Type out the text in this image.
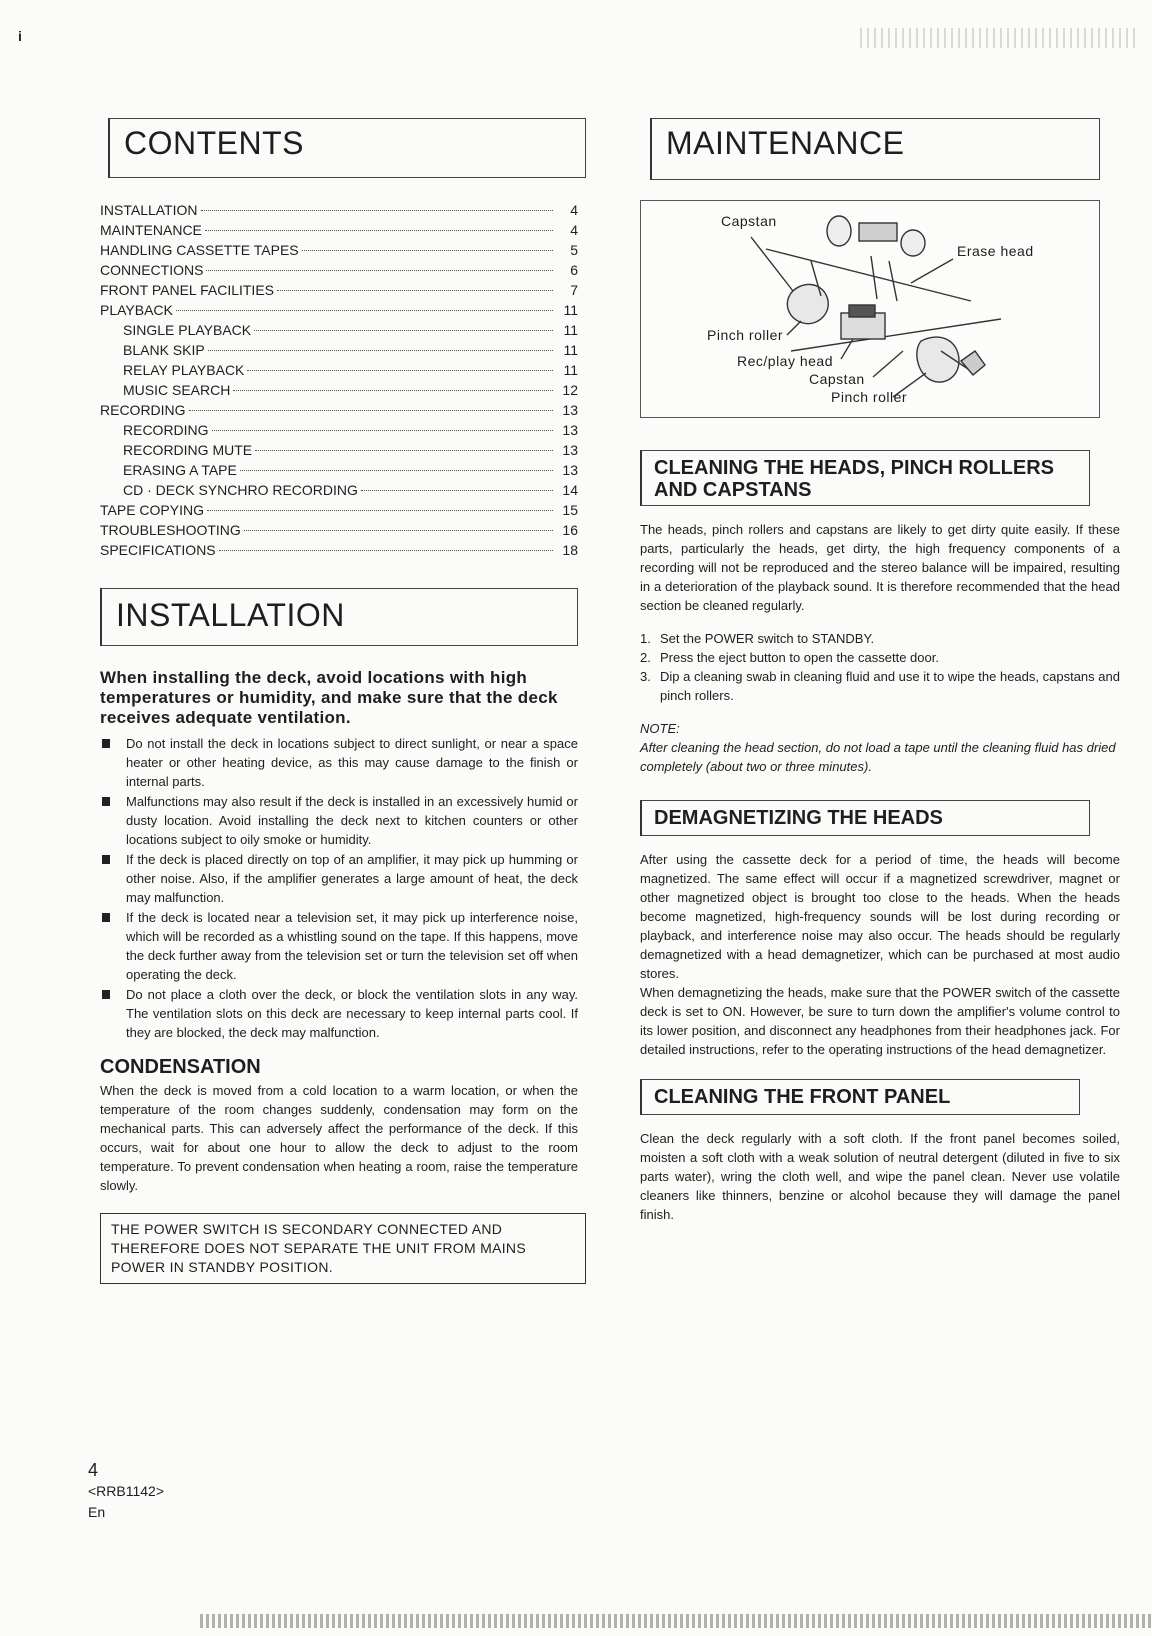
i
CONTENTS
INSTALLATION	4
MAINTENANCE	4
HANDLING CASSETTE TAPES	5
CONNECTIONS	6
FRONT PANEL FACILITIES	7
PLAYBACK	11
SINGLE PLAYBACK	11
BLANK SKIP	11
RELAY PLAYBACK	11
MUSIC SEARCH	12
RECORDING	13
RECORDING	13
RECORDING MUTE	13
ERASING A TAPE	13
CD · DECK SYNCHRO RECORDING	14
TAPE COPYING	15
TROUBLESHOOTING	16
SPECIFICATIONS	18
INSTALLATION
When installing the deck, avoid locations with high temperatures or humidity, and make sure that the deck receives adequate ventilation.
Do not install the deck in locations subject to direct sunlight, or near a space heater or other heating device, as this may cause damage to the finish or internal parts.
Malfunctions may also result if the deck is installed in an excessively humid or dusty location. Avoid installing the deck next to kitchen counters or other locations subject to oily smoke or humidity.
If the deck is placed directly on top of an amplifier, it may pick up humming or other noise. Also, if the amplifier generates a large amount of heat, the deck may malfunction.
If the deck is located near a television set, it may pick up interference noise, which will be recorded as a whistling sound on the tape. If this happens, move the deck further away from the television set or turn the television set off when operating the deck.
Do not place a cloth over the deck, or block the ventilation slots in any way. The ventilation slots on this deck are necessary to keep internal parts cool. If they are blocked, the deck may malfunction.
CONDENSATION

When the deck is moved from a cold location to a warm location, or when the temperature of the room changes suddenly, condensation may form on the mechanical parts. This can adversely affect the performance of the deck. If this occurs, wait for about one hour to allow the deck to adjust to the room temperature. To prevent condensation when heating a room, raise the temperature slowly.

THE POWER SWITCH IS SECONDARY CONNECTED AND THEREFORE DOES NOT SEPARATE THE UNIT FROM MAINS POWER IN STANDBY POSITION.
MAINTENANCE
Capstan
Erase head
Pinch roller
Rec/play head
Capstan
Pinch roller
CLEANING THE HEADS, PINCH ROLLERS AND CAPSTANS

The heads, pinch rollers and capstans are likely to get dirty quite easily. If these parts, particularly the heads, get dirty, the high frequency components of a recording will not be reproduced and the stereo balance will be impaired, resulting in a deterioration of the playback sound. It is therefore recommended that the head section be cleaned regularly.

1. Set the POWER switch to STANDBY.
2. Press the eject button to open the cassette door.
3. Dip a cleaning swab in cleaning fluid and use it to wipe the heads, capstans and pinch rollers.
NOTE:

After cleaning the head section, do not load a tape until the cleaning fluid has dried completely (about two or three minutes).

DEMAGNETIZING THE HEADS

After using the cassette deck for a period of time, the heads will become magnetized. The same effect will occur if a magnetized screwdriver, magnet or other magnetized object is brought too close to the heads. When the heads become magnetized, high-frequency sounds will be lost during recording or playback, and interference noise may also occur. The heads should be regularly demagnetized with a head demagnetizer, which can be purchased at most audio stores.

When demagnetizing the heads, make sure that the POWER switch of the cassette deck is set to ON. However, be sure to turn down the amplifier's volume control to its lower position, and disconnect any headphones from their headphones jack. For detailed instructions, refer to the operating instructions of the head demagnetizer.

CLEANING THE FRONT PANEL

Clean the deck regularly with a soft cloth. If the front panel becomes soiled, moisten a soft cloth with a weak solution of neutral detergent (diluted in five to six parts water), wring the cloth well, and wipe the panel clean. Never use volatile cleaners like thinners, benzine or alcohol because they will damage the panel finish.

4
<RRB1142>
En
